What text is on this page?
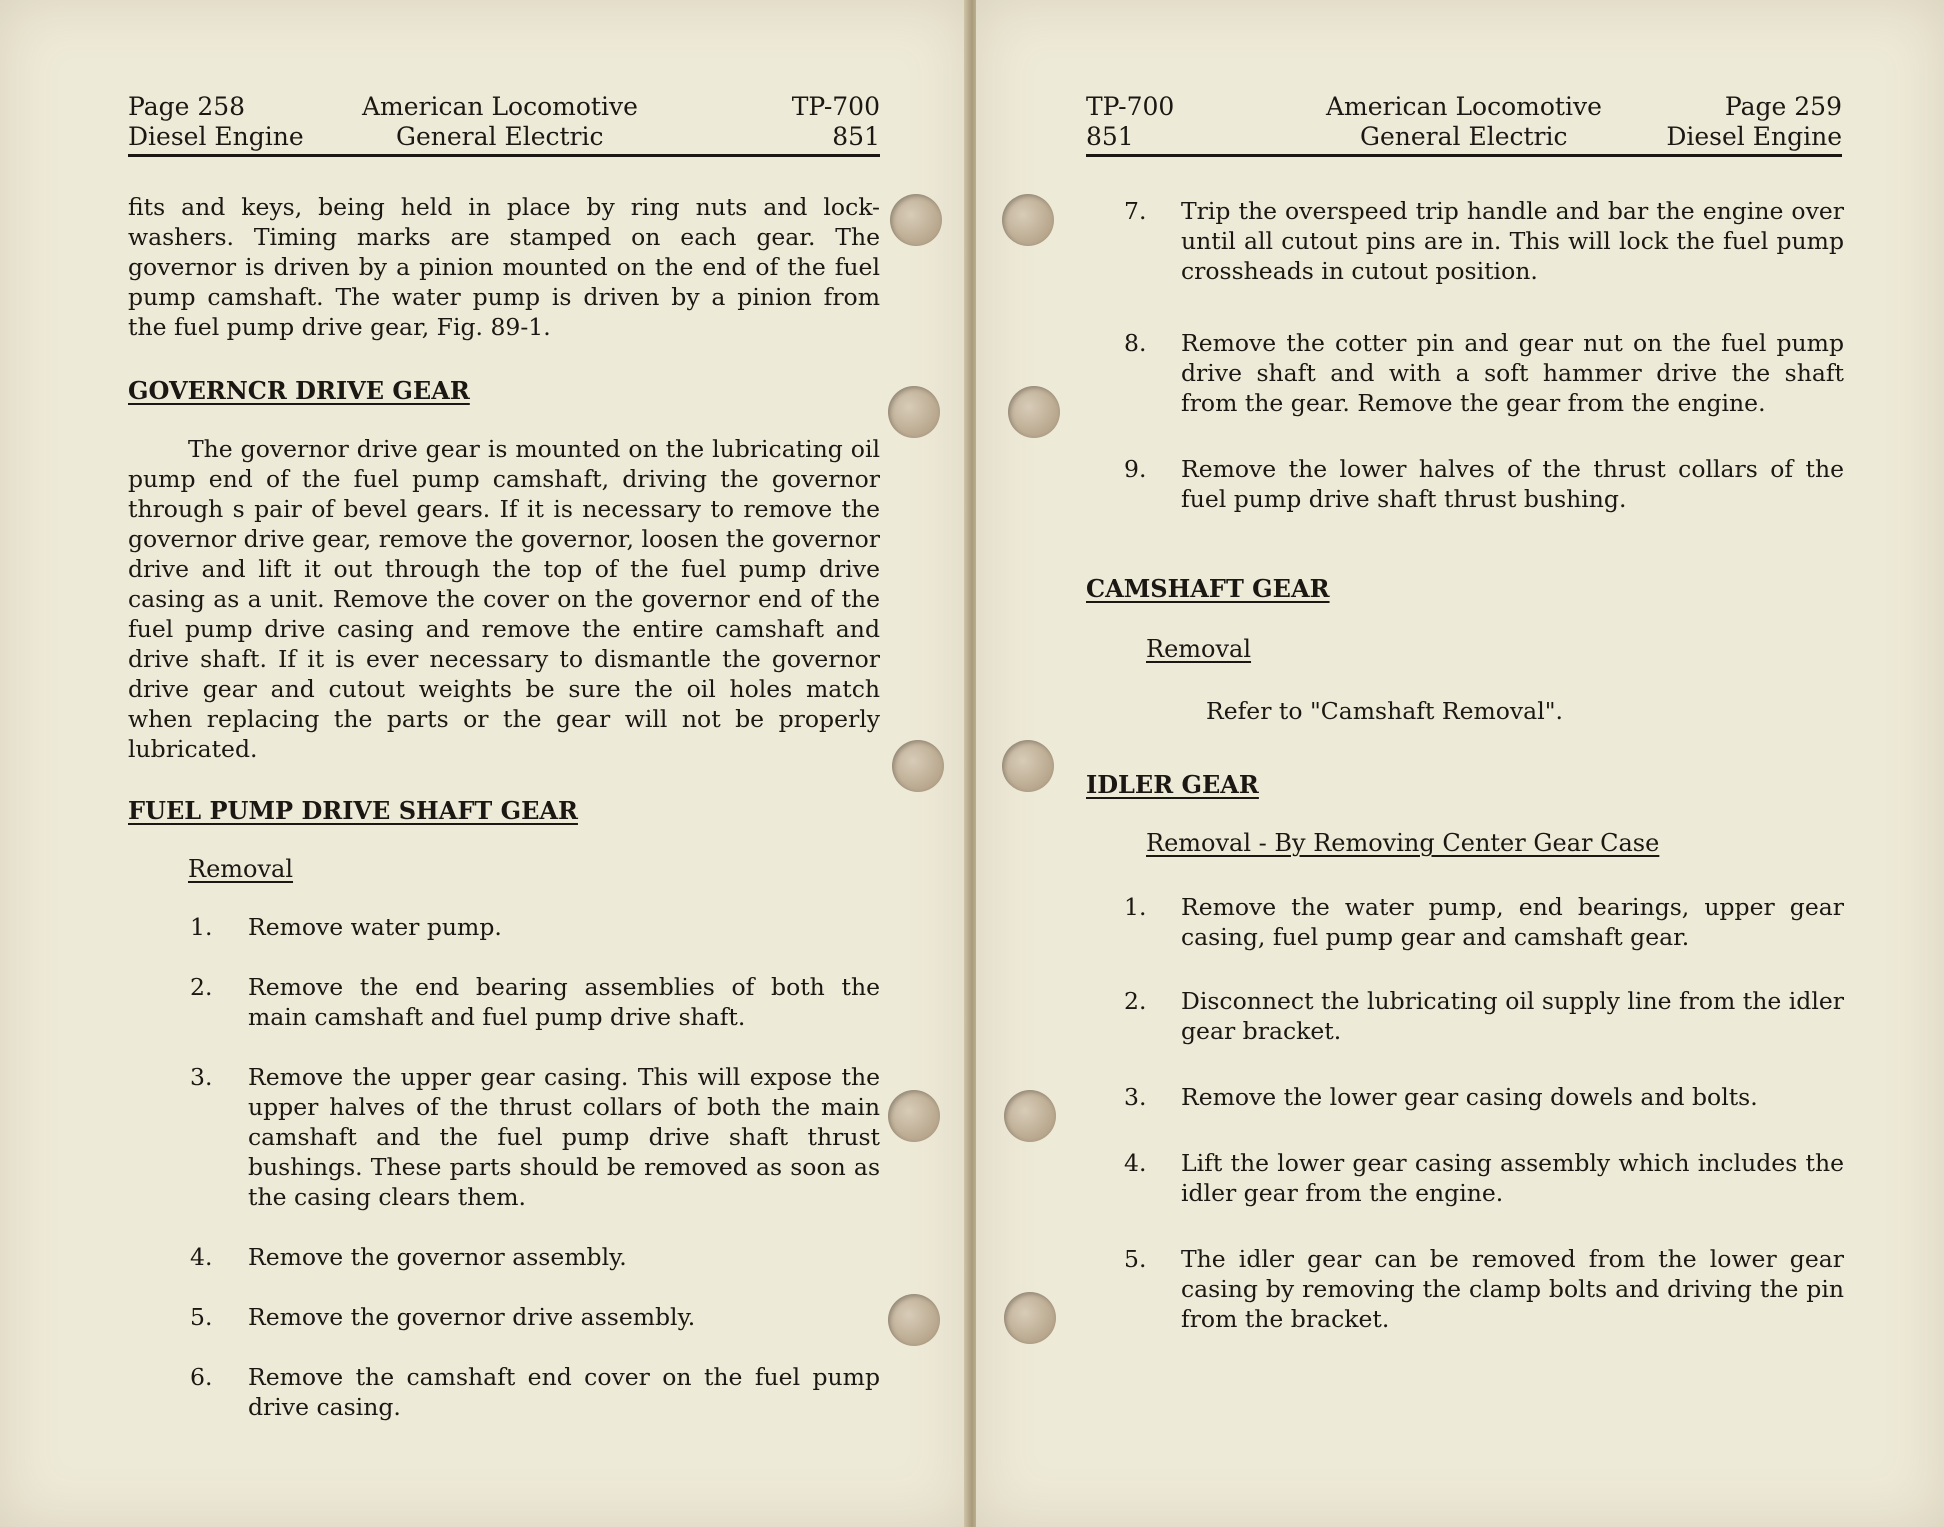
Page 258	American Locomotive	TP-700
Diesel Engine	General Electric	851

fits and keys, being held in place by ring nuts and lock-washers. Timing marks are stamped on each gear. The governor is driven by a pinion mounted on the end of the fuel pump camshaft. The water pump is driven by a pinion from the fuel pump drive gear, Fig. 89-1.

GOVERNCR DRIVE GEAR

The governor drive gear is mounted on the lubricating oil pump end of the fuel pump camshaft, driving the governor through s pair of bevel gears. If it is necessary to remove the governor drive gear, remove the governor, loosen the governor drive and lift it out through the top of the fuel pump drive casing as a unit. Remove the cover on the governor end of the fuel pump drive casing and remove the entire camshaft and drive shaft. If it is ever necessary to dismantle the governor drive gear and cutout weights be sure the oil holes match when replacing the parts or the gear will not be properly lubricated.

FUEL PUMP DRIVE SHAFT GEAR
Removal
1. Remove water pump.
2. Remove the end bearing assemblies of both the main camshaft and fuel pump drive shaft.
3. Remove the upper gear casing. This will expose the upper halves of the thrust collars of both the main camshaft and the fuel pump drive shaft thrust bushings. These parts should be removed as soon as the casing clears them.
4. Remove the governor assembly.
5. Remove the governor drive assembly.
6. Remove the camshaft end cover on the fuel pump drive casing.
TP-700	American Locomotive	Page 259
851	General Electric	Diesel Engine
7. Trip the overspeed trip handle and bar the engine over until all cutout pins are in. This will lock the fuel pump crossheads in cutout position.
8. Remove the cotter pin and gear nut on the fuel pump drive shaft and with a soft hammer drive the shaft from the gear. Remove the gear from the engine.
9. Remove the lower halves of the thrust collars of the fuel pump drive shaft thrust bushing.
CAMSHAFT GEAR
Removal

Refer to "Camshaft Removal".

IDLER GEAR
Removal - By Removing Center Gear Case
1. Remove the water pump, end bearings, upper gear casing, fuel pump gear and camshaft gear.
2. Disconnect the lubricating oil supply line from the idler gear bracket.
3. Remove the lower gear casing dowels and bolts.
4. Lift the lower gear casing assembly which includes the idler gear from the engine.
5. The idler gear can be removed from the lower gear casing by removing the clamp bolts and driving the pin from the bracket.
